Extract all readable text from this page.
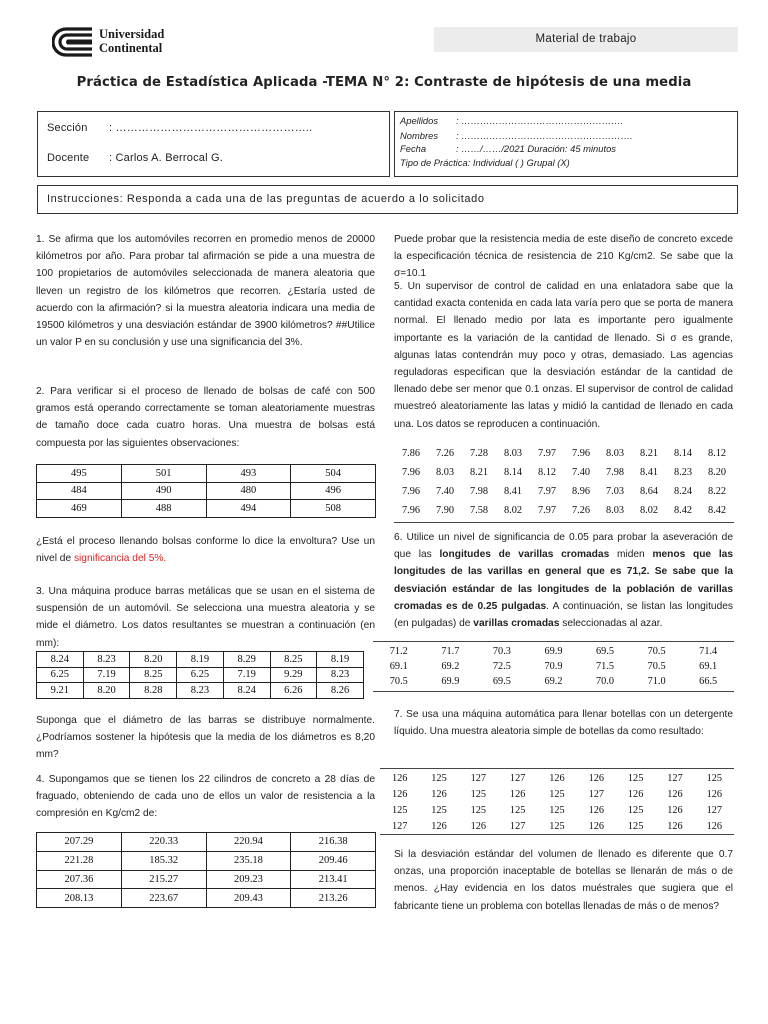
Universidad
Continental
Material de trabajo
Práctica de Estadística Aplicada -TEMA N° 2: Contraste de hipótesis de una media
Sección : ……………………………………………..
Docente : Carlos A. Berrocal G.
Apellidos : …………………………………………….
Nombres : ……………………………………………….
Fecha	: ……/……/2021 Duración: 45 minutos
Tipo de Práctica: Individual ( ) Grupal (X)
Instrucciones: Responda a cada una de las preguntas de acuerdo a lo solicitado
1. Se afirma que los automóviles recorren en promedio menos de 20000 kilómetros por año. Para probar tal afirmación se pide a una muestra de 100 propietarios de automóviles seleccionada de manera aleatoria que lleven un registro de los kilómetros que recorren. ¿Estaría usted de acuerdo con la afirmación? si la muestra aleatoria indicara una media de 19500 kilómetros y una desviación estándar de 3900 kilómetros? ##Utilice un valor P en su conclusión y use una significancia del 3%.
2. Para verificar si el proceso de llenado de bolsas de café con 500 gramos está operando correctamente se toman aleatoriamente muestras de tamaño doce cada cuatro horas. Una muestra de bolsas está compuesta por las siguientes observaciones:
495	501	493	504
484	490	480	496
469	488	494	508
¿Está el proceso llenando bolsas conforme lo dice la envoltura? Use un nivel de significancia del 5%.
3. Una máquina produce barras metálicas que se usan en el sistema de suspensión de un automóvil. Se selecciona una muestra aleatoria y se mide el diámetro. Los datos resultantes se muestran a continuación (en mm):
8.24	8.23	8.20	8.19	8.29	8.25	8.19
6.25	7.19	8.25	6.25	7.19	9.29	8.23
9.21	8.20	8.28	8.23	8.24	6.26	8.26
Suponga que el diámetro de las barras se distribuye normalmente. ¿Podríamos sostener la hipótesis que la media de los diámetros es 8,20 mm?
4. Supongamos que se tienen los 22 cilindros de concreto a 28 días de fraguado, obteniendo de cada uno de ellos un valor de resistencia a la compresión en Kg/cm2 de:
207.29	220.33	220.94	216.38
221.28	185.32	235.18	209.46
207.36	215.27	209.23	213.41
208.13	223.67	209.43	213.26
Puede probar que la resistencia media de este diseño de concreto excede la especificación técnica de resistencia de 210 Kg/cm2. Se sabe que la σ=10.1
5. Un supervisor de control de calidad en una enlatadora sabe que la cantidad exacta contenida en cada lata varía pero que se porta de manera normal. El llenado medio por lata es importante pero igualmente importante es la variación de la cantidad de llenado. Si σ es grande, algunas latas contendrán muy poco y otras, demasiado. Las agencias reguladoras especifican que la desviación estándar de la cantidad de llenado debe ser menor que 0.1 onzas. El supervisor de control de calidad muestreó aleatoriamente las latas y midió la cantidad de llenado en cada una. Los datos se reproducen a continuación.
7.86	7.26	7.28	8.03	7.97	7.96	8.03	8.21	8.14	8.12
7.96	8.03	8.21	8.14	8.12	7.40	7.98	8.41	8.23	8.20
7.96	7.40	7.98	8.41	7.97	8.96	7.03	8.64	8.24	8.22
7.96	7.90	7.58	8.02	7.97	7.26	8.03	8.02	8.42	8.42
6. Utilice un nivel de significancia de 0.05 para probar la aseveración de que las longitudes de varillas cromadas miden menos que las longitudes de las varillas en general que es 71,2. Se sabe que la desviación estándar de las longitudes de la población de varillas cromadas es de 0.25 pulgadas. A continuación, se listan las longitudes (en pulgadas) de varillas cromadas seleccionadas al azar.
71.2	71.7	70.3	69.9	69.5	70.5	71.4
69.1	69.2	72.5	70.9	71.5	70.5	69.1
70.5	69.9	69.5	69.2	70.0	71.0	66.5
7. Se usa una máquina automática para llenar botellas con un detergente líquido. Una muestra aleatoria simple de botellas da como resultado:
126	125	127	127	126	126	125	127	125
126	126	125	126	125	127	126	126	126
125	125	125	125	125	126	125	126	127
127	126	126	127	125	126	125	126	126
Si la desviación estándar del volumen de llenado es diferente que 0.7 onzas, una proporción inaceptable de botellas se llenarán de más o de menos. ¿Hay evidencia en los datos muéstrales que sugiera que el fabricante tiene un problema con botellas llenadas de más o de menos?
